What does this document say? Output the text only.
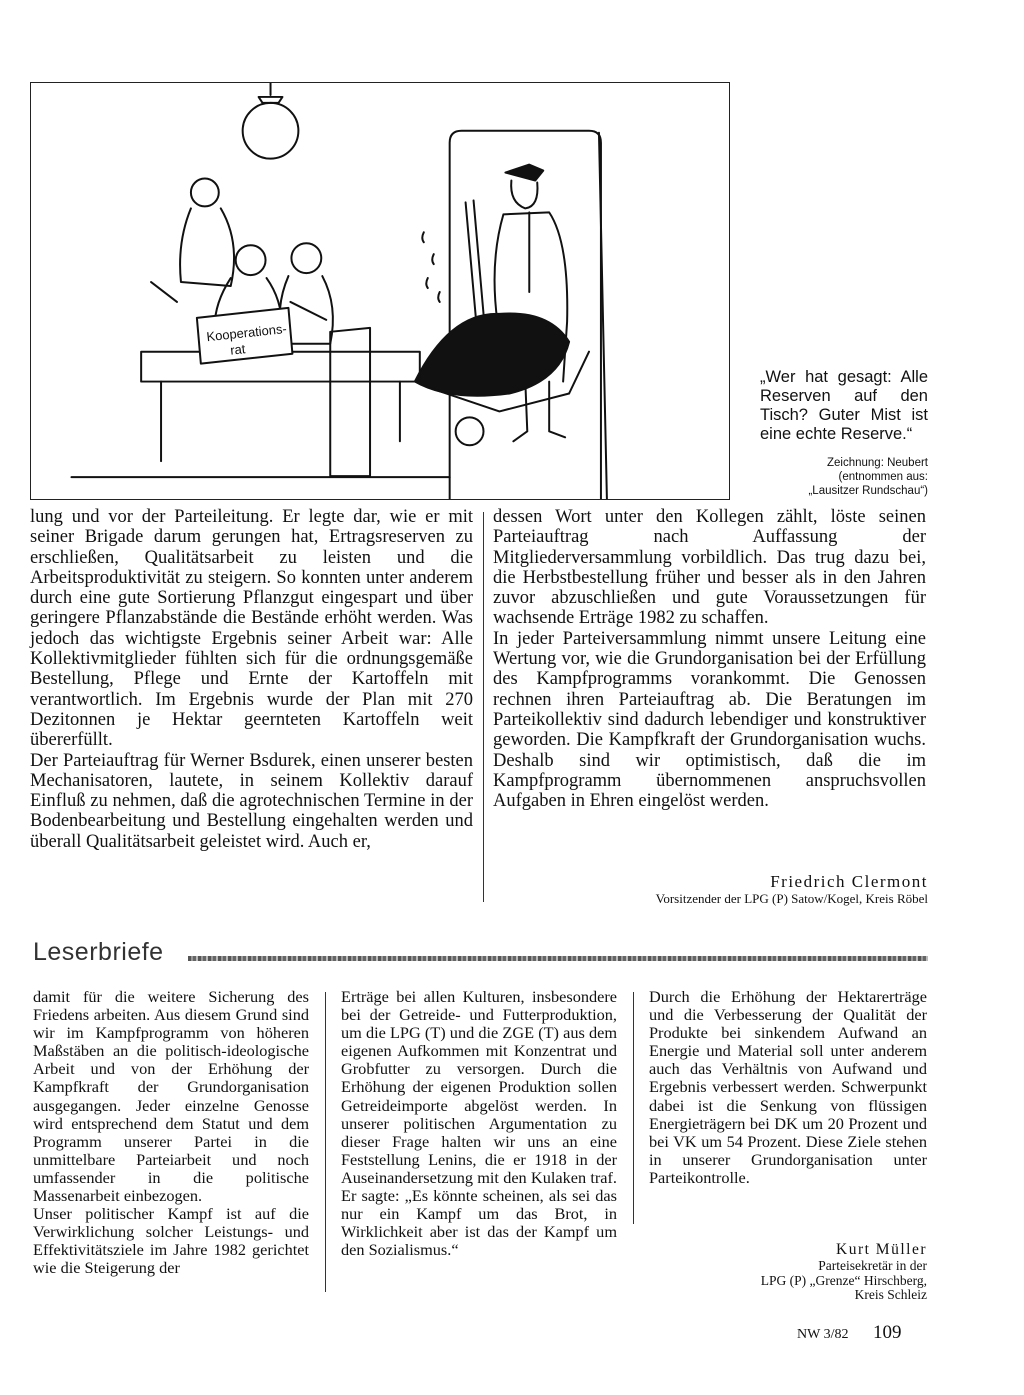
Kooperations-
rat
„Wer hat gesagt: Alle Reserven auf den Tisch? Guter Mist ist eine echte Reserve.“
Zeichnung: Neubert
(entnommen aus:
„Lausitzer Rundschau“)

lung und vor der Parteileitung. Er legte dar, wie er mit seiner Brigade darum gerungen hat, Ertragsreserven zu erschließen, Qualitätsarbeit zu leisten und die Arbeitsproduktivität zu steigern. So konnten unter anderem durch eine gute Sortierung Pflanzgut eingespart und über geringere Pflanzabstände die Bestände erhöht werden. Was jedoch das wichtigste Ergebnis seiner Arbeit war: Alle Kollektivmitglieder fühlten sich für die ordnungsgemäße Bestellung, Pflege und Ernte der Kartoffeln mit verantwortlich. Im Ergebnis wurde der Plan mit 270 Dezitonnen je Hektar geernteten Kartoffeln weit übererfüllt.

Der Parteiauftrag für Werner Bsdurek, einen unserer besten Mechanisatoren, lautete, in seinem Kollektiv darauf Einfluß zu nehmen, daß die agrotechnischen Termine in der Bodenbearbeitung und Bestellung eingehalten werden und überall Qualitätsarbeit geleistet wird. Auch er,

dessen Wort unter den Kollegen zählt, löste seinen Parteiauftrag nach Auffassung der Mitgliederversammlung vorbildlich. Das trug dazu bei, die Herbstbestellung früher und besser als in den Jahren zuvor abzuschließen und gute Voraussetzungen für wachsende Erträge 1982 zu schaffen.

In jeder Parteiversammlung nimmt unsere Leitung eine Wertung vor, wie die Grundorganisation bei der Erfüllung des Kampfprogramms vorankommt. Die Genossen rechnen ihren Parteiauftrag ab. Die Beratungen im Parteikollektiv sind dadurch lebendiger und konstruktiver geworden. Die Kampfkraft der Grundorganisation wuchs. Deshalb sind wir optimistisch, daß die im Kampfprogramm übernommenen anspruchsvollen Aufgaben in Ehren eingelöst werden.

Friedrich Clermont
Vorsitzender der LPG (P) Satow/Kogel, Kreis Röbel
Leserbriefe

damit für die weitere Sicherung des Friedens arbeiten. Aus diesem Grund sind wir im Kampfprogramm von höheren Maßstäben an die politisch-ideologische Arbeit und von der Erhöhung der Kampfkraft der Grundorganisation ausgegangen. Jeder einzelne Genosse wird entsprechend dem Statut und dem Programm unserer Partei in die unmittelbare Parteiarbeit und noch umfassender in die politische Massenarbeit einbezogen.

Unser politischer Kampf ist auf die Verwirklichung solcher Leistungs- und Effektivitätsziele im Jahre 1982 gerichtet wie die Steigerung der

Erträge bei allen Kulturen, insbesondere bei der Getreide- und Futterproduktion, um die LPG (T) und die ZGE (T) aus dem eigenen Aufkommen mit Konzentrat und Grobfutter zu versorgen. Durch die Erhöhung der eigenen Produktion sollen Getreideimporte abgelöst werden. In unserer politischen Argumentation zu dieser Frage halten wir uns an eine Feststellung Lenins, die er 1918 in der Auseinandersetzung mit den Kulaken traf. Er sagte: „Es könnte scheinen, als sei das nur ein Kampf um das Brot, in Wirklichkeit aber ist das der Kampf um den Sozialismus.“

Durch die Erhöhung der Hektarerträge und die Verbesserung der Qualität der Produkte bei sinkendem Aufwand an Energie und Material soll unter anderem auch das Verhältnis von Aufwand und Ergebnis verbessert werden. Schwerpunkt dabei ist die Senkung von flüssigen Energieträgern bei DK um 20 Prozent und bei VK um 54 Prozent. Diese Ziele stehen in unserer Grundorganisation unter Parteikontrolle.

Kurt Müller
Parteisekretär in der
LPG (P) „Grenze“ Hirschberg,
Kreis Schleiz
NW 3/82 109
